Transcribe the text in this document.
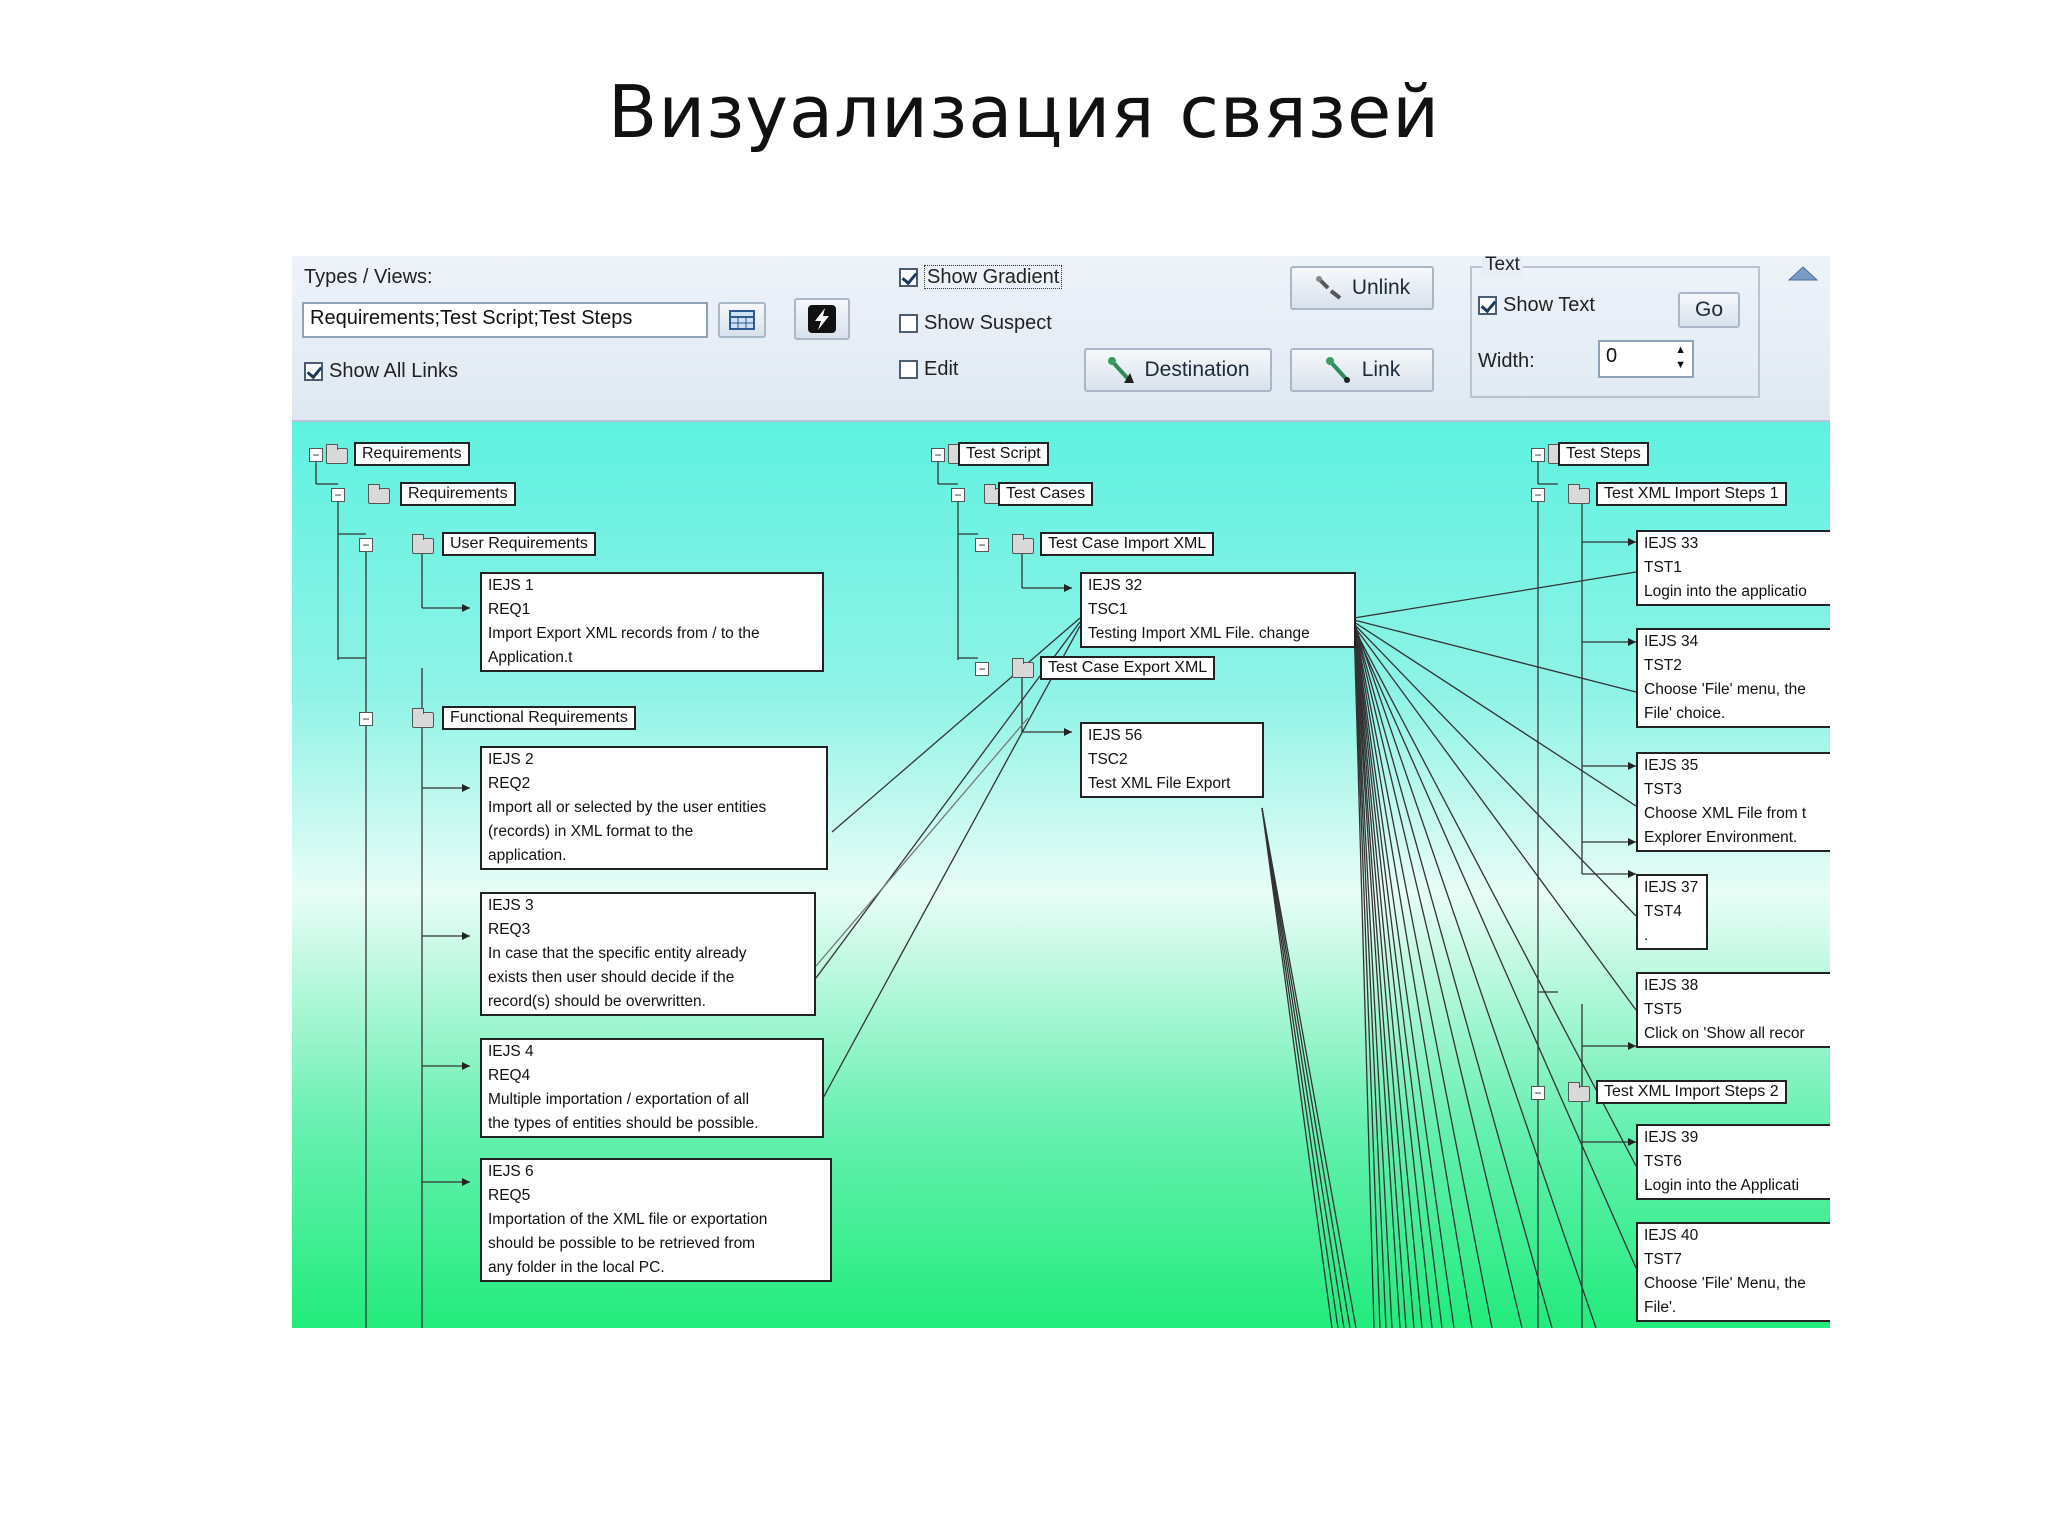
Визуализация связей
Types / Views:
Requirements;Test Script;Test Steps
Show All Links
Show Gradient
Show Suspect
Edit
Unlink
Destination	Link
Text
Show Text	Go
Width:	0	▲
▼
−	Requirements
−	Requirements
−	User Requirements
IEJS 1
REQ1
Import Export XML records from / to the
Application.t
−	Functional Requirements
IEJS 2
REQ2
Import all or selected by the user entities
(records) in XML format to the
application.
IEJS 3
REQ3
In case that the specific entity already
exists then user should decide if the
record(s) should be overwritten.
IEJS 4
REQ4
Multiple importation / exportation of all
the types of entities should be possible.
IEJS 6
REQ5
Importation of the XML file or exportation
should be possible to be retrieved from
any folder in the local PC.
−	Test Script
−	Test Cases
−	Test Case Import XML
IEJS 32
TSC1
Testing Import XML File. change
−	Test Case Export XML
IEJS 56
TSC2
Test XML File Export
−	Test Steps
−	Test XML Import Steps 1
IEJS 33
TST1
Login into the applicatio
IEJS 34
TST2
Choose 'File' menu, the
File' choice.
IEJS 35
TST3
Choose XML File from t
Explorer Environment.
IEJS 37
TST4
.
IEJS 38
TST5
Click on 'Show all recor
−	Test XML Import Steps 2
IEJS 39
TST6
Login into the Applicati
IEJS 40
TST7
Choose 'File' Menu, the
File'.
